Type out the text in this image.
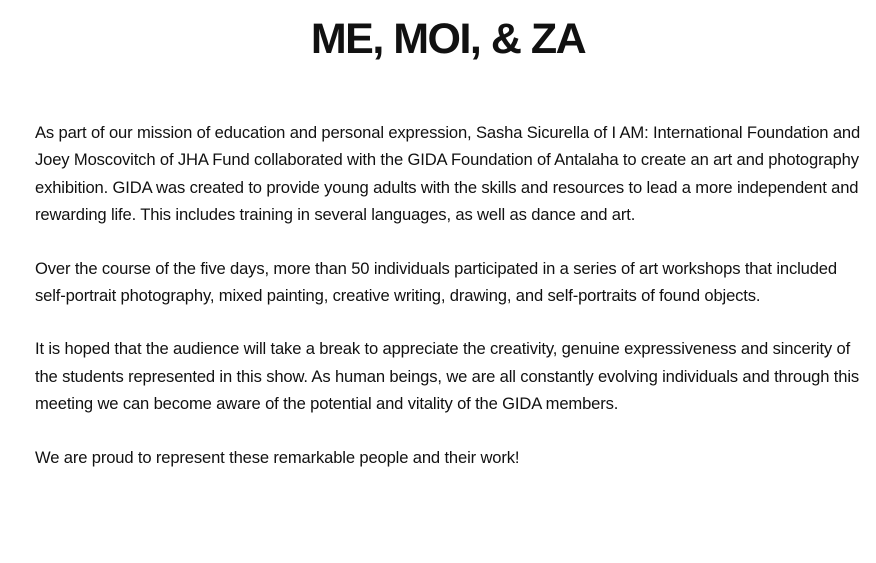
ME, MOI, & ZA

As part of our mission of education and personal expression, Sasha Sicurella of I AM: International Foundation and Joey Moscovitch of JHA Fund collaborated with the GIDA Foundation of Antalaha to create an art and photography exhibition. GIDA was created to provide young adults with the skills and resources to lead a more independent and rewarding life. This includes training in several languages, as well as dance and art.

Over the course of the five days, more than 50 individuals participated in a series of art workshops that included self-portrait photography, mixed painting, creative writing, drawing, and self-portraits of found objects.

It is hoped that the audience will take a break to appreciate the creativity, genuine expressiveness and sincerity of the students represented in this show. As human beings, we are all constantly evolving individuals and through this meeting we can become aware of the potential and vitality of the GIDA members.

We are proud to represent these remarkable people and their work!
